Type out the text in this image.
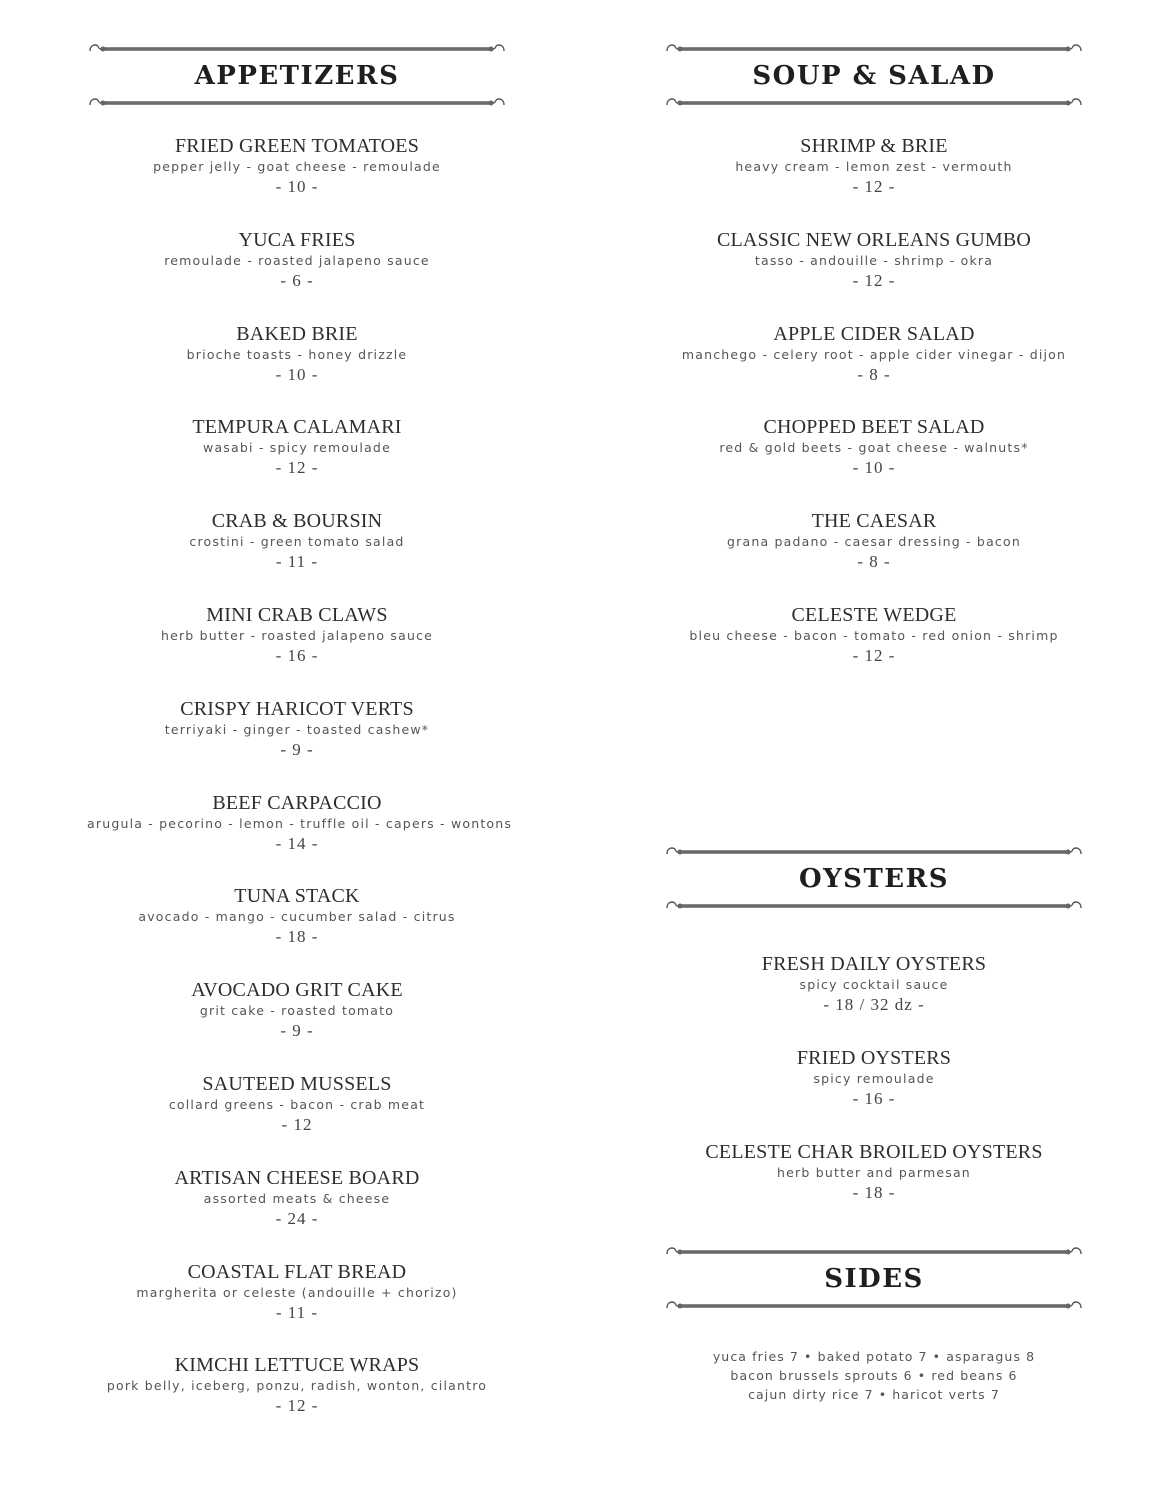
APPETIZERS
FRIED GREEN TOMATOES
pepper jelly - goat cheese - remoulade
- 10 -
YUCA FRIES
remoulade - roasted jalapeno sauce
- 6 -
BAKED BRIE
brioche toasts - honey drizzle
- 10 -
TEMPURA CALAMARI
wasabi - spicy remoulade
- 12 -
CRAB & BOURSIN
crostini - green tomato salad
- 11 -
MINI CRAB CLAWS
herb butter - roasted jalapeno sauce
- 16 -
CRISPY HARICOT VERTS
terriyaki - ginger - toasted cashew*
- 9 -
BEEF CARPACCIO
arugula - pecorino - lemon - truffle oil - capers - wontons
- 14 -
TUNA STACK
avocado - mango - cucumber salad - citrus
- 18 -
AVOCADO GRIT CAKE
grit cake - roasted tomato
- 9 -
SAUTEED MUSSELS
collard greens - bacon - crab meat
- 12
ARTISAN CHEESE BOARD
assorted meats & cheese
- 24 -
COASTAL FLAT BREAD
margherita or celeste (andouille + chorizo)
- 11 -
KIMCHI LETTUCE WRAPS
pork belly, iceberg, ponzu, radish, wonton, cilantro
- 12 -
SOUP & SALAD
SHRIMP & BRIE
heavy cream - lemon zest - vermouth
- 12 -
CLASSIC NEW ORLEANS GUMBO
tasso - andouille - shrimp - okra
- 12 -
APPLE CIDER SALAD
manchego - celery root - apple cider vinegar - dijon
- 8 -
CHOPPED BEET SALAD
red & gold beets - goat cheese - walnuts*
- 10 -
THE CAESAR
grana padano - caesar dressing - bacon
- 8 -
CELESTE WEDGE
bleu cheese - bacon - tomato - red onion - shrimp
- 12 -
OYSTERS
FRESH DAILY OYSTERS
spicy cocktail sauce
- 18 / 32 dz -
FRIED OYSTERS
spicy remoulade
- 16 -
CELESTE CHAR BROILED OYSTERS
herb butter and parmesan
- 18 -
SIDES
yuca fries 7 • baked potato 7 • asparagus 8
bacon brussels sprouts 6 • red beans 6
cajun dirty rice 7 • haricot verts 7
